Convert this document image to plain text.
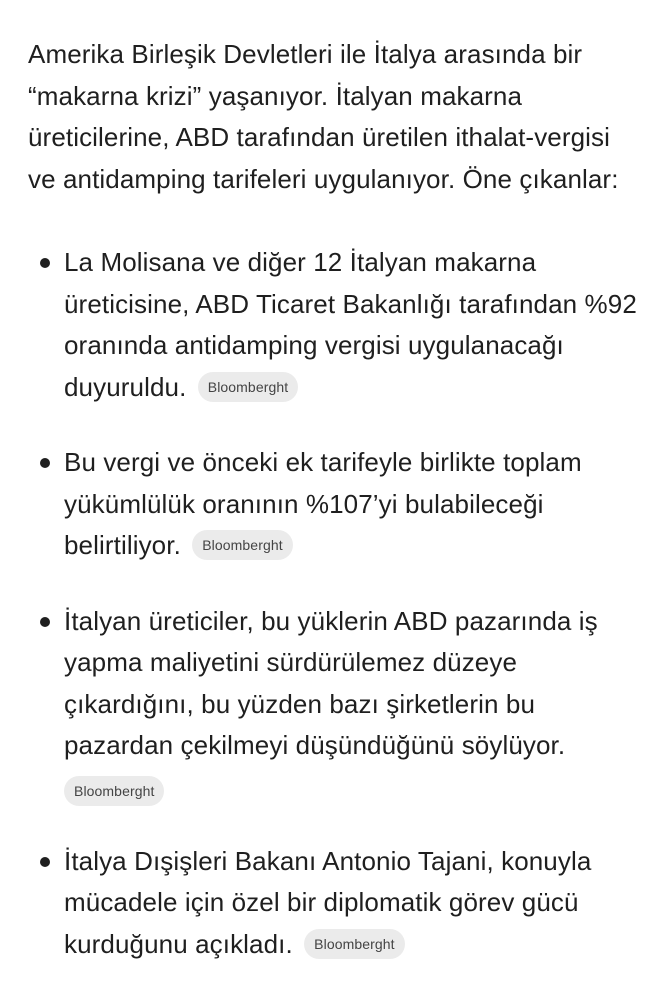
Amerika Birleşik Devletleri ile İtalya arasında bir “makarna krizi” yaşanıyor. İtalyan makarna üreticilerine, ABD tarafından üretilen ithalat-vergisi ve antidamping tarifeleri uygulanıyor. Öne çıkanlar:

La Molisana ve diğer 12 İtalyan makarna üreticisine, ABD Ticaret Bakanlığı tarafından %92 oranında antidamping vergisi uygulanacağı duyuruldu. Bloomberght
Bu vergi ve önceki ek tarifeyle birlikte toplam yükümlülük oranının %107’yi bulabileceği belirtiliyor. Bloomberght
İtalyan üreticiler, bu yüklerin ABD pazarında iş yapma maliyetini sürdürülemez düzeye çıkardığını, bu yüzden bazı şirketlerin bu pazardan çekilmeyi düşündüğünü söylüyor.
Bloomberght
İtalya Dışişleri Bakanı Antonio Tajani, konuyla mücadele için özel bir diplomatik görev gücü kurduğunu açıkladı. Bloomberght
